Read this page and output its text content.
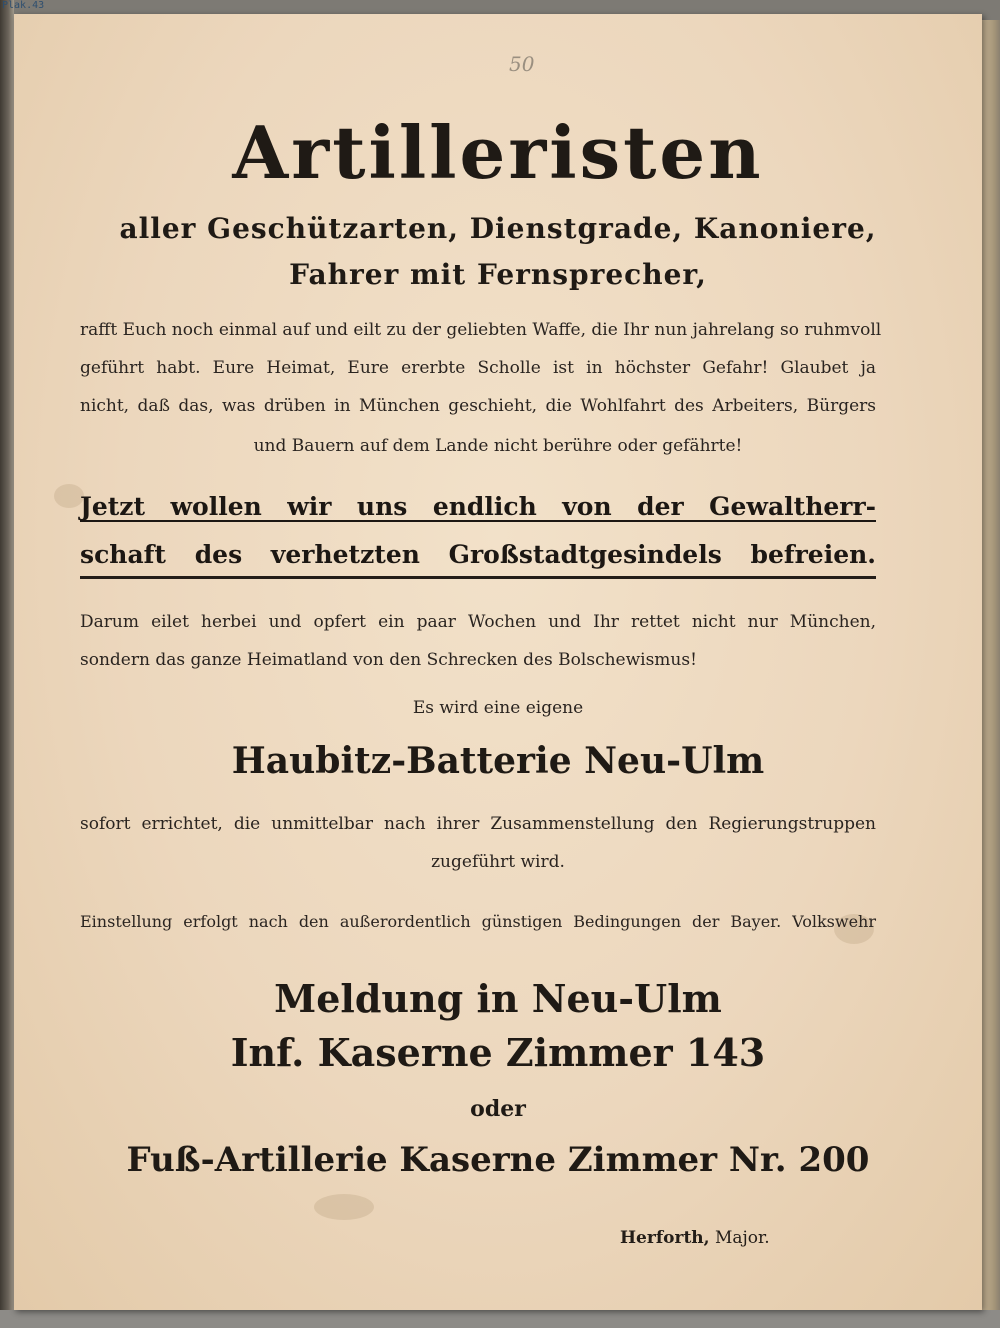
Plak.43
50
Artilleristen

aller Geschützarten, Dienstgrade, Kanoniere,

Fahrer mit Fernsprecher,

rafft Euch noch einmal auf und eilt zu der geliebten Waffe, die Ihr nun jahrelang so ruhmvoll

geführt habt. Eure Heimat, Eure ererbte Scholle ist in höchster Gefahr! Glaubet ja

nicht, daß das, was drüben in München geschieht, die Wohlfahrt des Arbeiters, Bürgers

und Bauern auf dem Lande nicht berühre oder gefährte!

Jetzt wollen wir uns endlich von der Gewaltherr-

schaft des verhetzten Großstadtgesindels befreien.

Darum eilet herbei und opfert ein paar Wochen und Ihr rettet nicht nur München,

sondern das ganze Heimatland von den Schrecken des Bolschewismus!

Es wird eine eigene

Haubitz-Batterie Neu-Ulm

sofort errichtet, die unmittelbar nach ihrer Zusammenstellung den Regierungstruppen

zugeführt wird.

Einstellung erfolgt nach den außerordentlich günstigen Bedingungen der Bayer. Volkswehr

Meldung in Neu-Ulm

Inf. Kaserne Zimmer 143

oder

Fuß-Artillerie Kaserne Zimmer Nr. 200

Herforth, Major.
